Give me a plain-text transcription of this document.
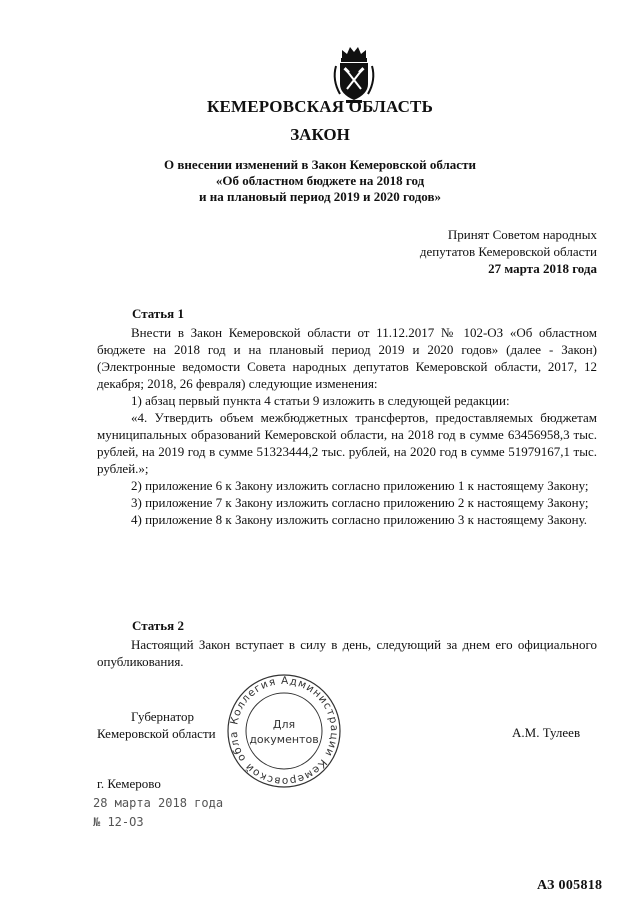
КЕМЕРОВСКАЯ ОБЛАСТЬ
ЗАКОН
О внесении изменений в Закон Кемеровской области
«Об областном бюджете на 2018 год
и на плановый период 2019 и 2020 годов»
Принят Советом народных
депутатов Кемеровской области
27 марта 2018 года
Статья 1

Внести в Закон Кемеровской области от 11.12.2017 № 102-ОЗ «Об областном бюджете на 2018 год и на плановый период 2019 и 2020 годов» (далее - Закон) (Электронные ведомости Совета народных депутатов Кемеровской области, 2017, 12 декабря; 2018, 26 февраля) следующие изменения:

1) абзац первый пункта 4 статьи 9 изложить в следующей редакции:

«4. Утвердить объем межбюджетных трансфертов, предоставляемых бюджетам муниципальных образований Кемеровской области, на 2018 год в сумме 63456958,3 тыс. рублей, на 2019 год в сумме 51323444,2 тыс. рублей, на 2020 год в сумме 51979167,1 тыс. рублей.»;

2) приложение 6 к Закону изложить согласно приложению 1 к настоящему Закону;

3) приложение 7 к Закону изложить согласно приложению 2 к настоящему Закону;

4) приложение 8 к Закону изложить согласно приложению 3 к настоящему Закону.

Статья 2

Настоящий Закон вступает в силу в день, следующий за днем его официального опубликования.

Губернатор
Кемеровской области	А.М. Тулеев
Коллегия Администрации Кемеровской обла
Для
документов
г. Кемерово
28 марта 2018 года
№ 12-ОЗ
АЗ 005818
